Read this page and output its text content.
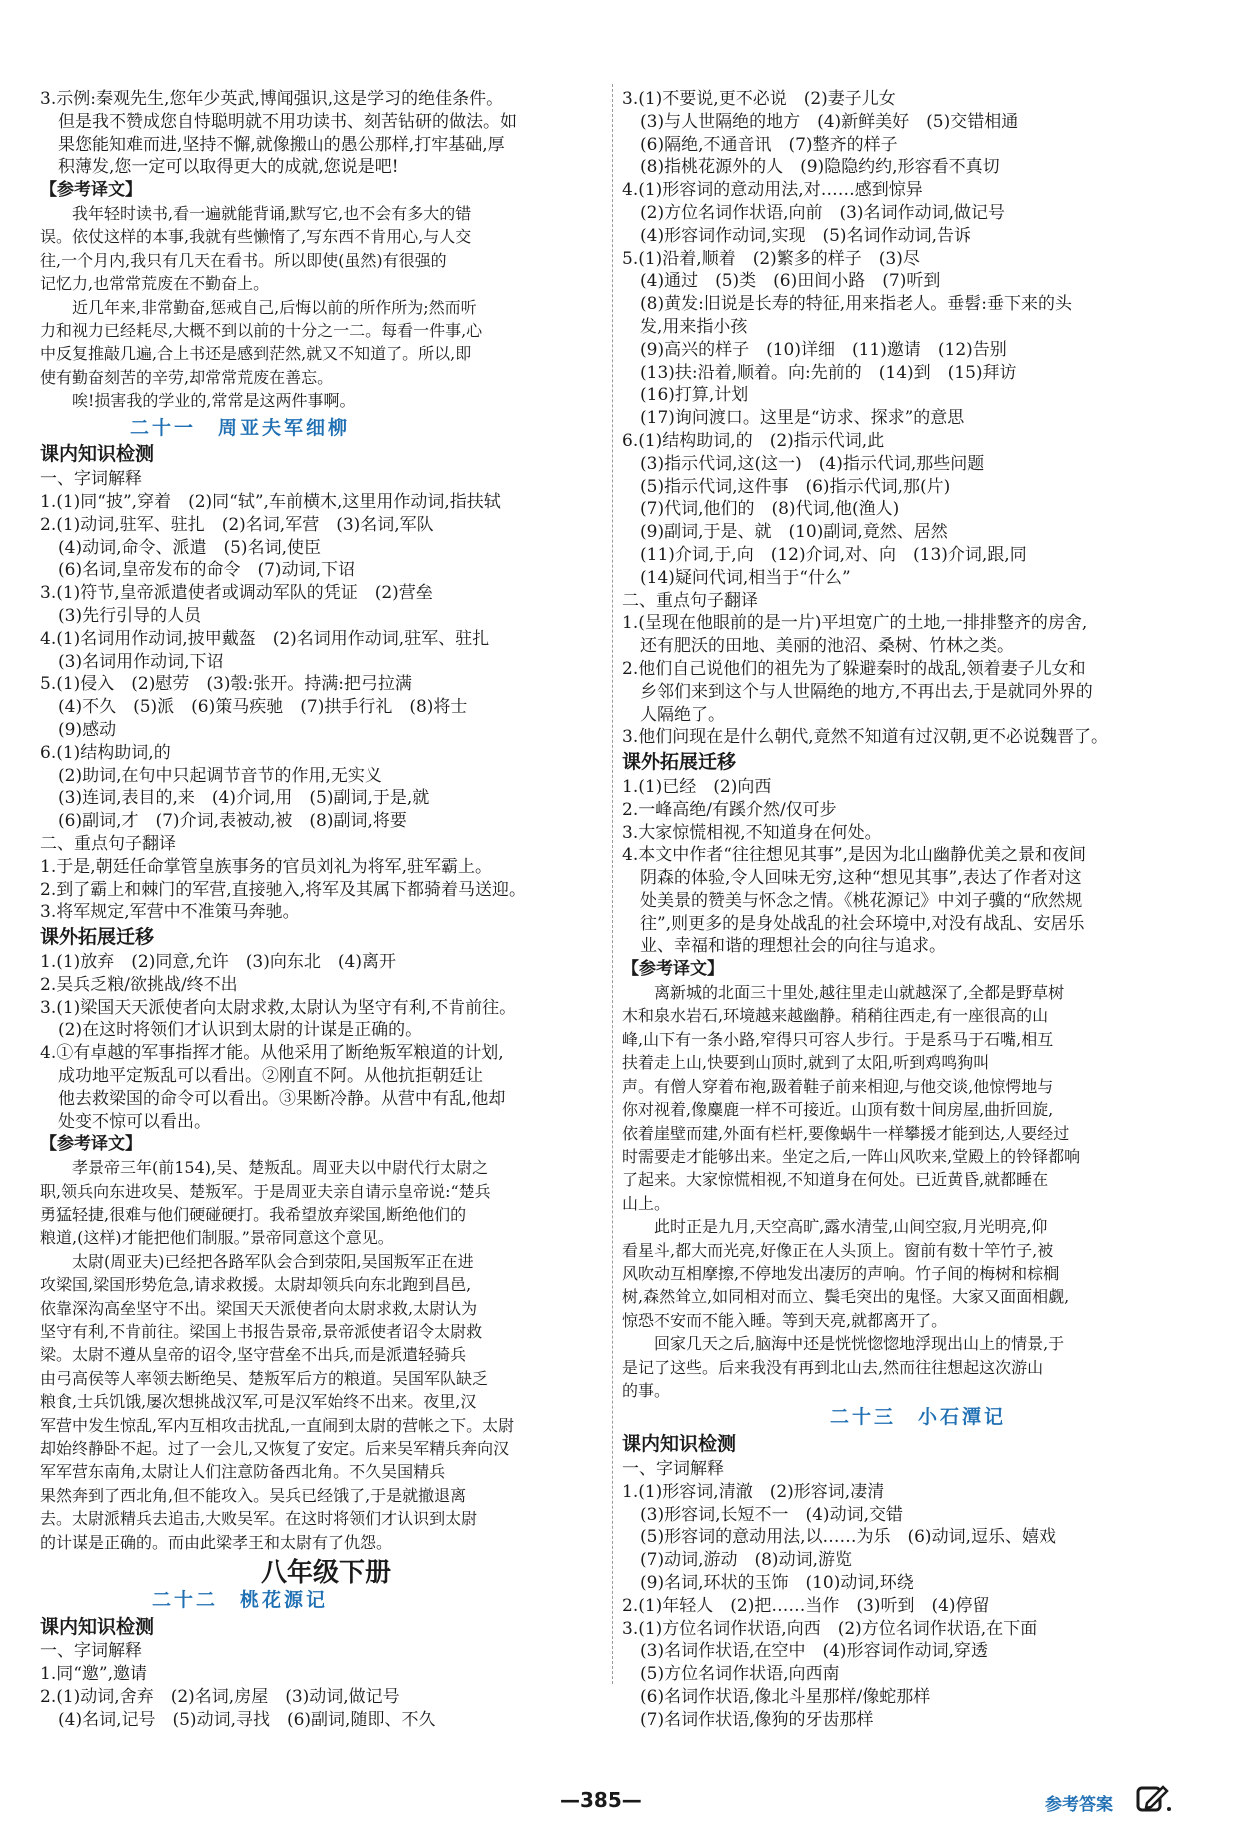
3.示例:秦观先生,您年少英武,博闻强识,这是学习的绝佳条件。
但是我不赞成您自恃聪明就不用功读书、刻苦钻研的做法。如
果您能知难而进,坚持不懈,就像搬山的愚公那样,打牢基础,厚
积薄发,您一定可以取得更大的成就,您说是吧!
【参考译文】
我年轻时读书,看一遍就能背诵,默写它,也不会有多大的错
误。依仗这样的本事,我就有些懒惰了,写东西不肯用心,与人交
往,一个月内,我只有几天在看书。所以即使(虽然)有很强的
记忆力,也常常荒废在不勤奋上。
近几年来,非常勤奋,惩戒自己,后悔以前的所作所为;然而听
力和视力已经耗尽,大概不到以前的十分之一二。每看一件事,心
中反复推敲几遍,合上书还是感到茫然,就又不知道了。所以,即
使有勤奋刻苦的辛劳,却常常荒废在善忘。
唉!损害我的学业的,常常是这两件事啊。
二十一　周亚夫军细柳
课内知识检测
一、字词解释
1.(1)同“披”,穿着　(2)同“轼”,车前横木,这里用作动词,指扶轼
2.(1)动词,驻军、驻扎　(2)名词,军营　(3)名词,军队
(4)动词,命令、派遣　(5)名词,使臣
(6)名词,皇帝发布的命令　(7)动词,下诏
3.(1)符节,皇帝派遣使者或调动军队的凭证　(2)营垒
(3)先行引导的人员
4.(1)名词用作动词,披甲戴盔　(2)名词用作动词,驻军、驻扎
(3)名词用作动词,下诏
5.(1)侵入　(2)慰劳　(3)彀:张开。持满:把弓拉满
(4)不久　(5)派　(6)策马疾驰　(7)拱手行礼　(8)将士
(9)感动
6.(1)结构助词,的
(2)助词,在句中只起调节音节的作用,无实义
(3)连词,表目的,来　(4)介词,用　(5)副词,于是,就
(6)副词,才　(7)介词,表被动,被　(8)副词,将要
二、重点句子翻译
1.于是,朝廷任命掌管皇族事务的官员刘礼为将军,驻军霸上。
2.到了霸上和棘门的军营,直接驰入,将军及其属下都骑着马送迎。
3.将军规定,军营中不准策马奔驰。
课外拓展迁移
1.(1)放弃　(2)同意,允许　(3)向东北　(4)离开
2.吴兵乏粮/欲挑战/终不出
3.(1)梁国天天派使者向太尉求救,太尉认为坚守有利,不肯前往。
(2)在这时将领们才认识到太尉的计谋是正确的。
4.①有卓越的军事指挥才能。从他采用了断绝叛军粮道的计划,
成功地平定叛乱可以看出。②刚直不阿。从他抗拒朝廷让
他去救梁国的命令可以看出。③果断冷静。从营中有乱,他却
处变不惊可以看出。
【参考译文】
孝景帝三年(前154),吴、楚叛乱。周亚夫以中尉代行太尉之
职,领兵向东进攻吴、楚叛军。于是周亚夫亲自请示皇帝说:“楚兵
勇猛轻捷,很难与他们硬碰硬打。我希望放弃梁国,断绝他们的
粮道,(这样)才能把他们制服。”景帝同意这个意见。
太尉(周亚夫)已经把各路军队会合到荥阳,吴国叛军正在进
攻梁国,梁国形势危急,请求救援。太尉却领兵向东北跑到昌邑,
依靠深沟高垒坚守不出。梁国天天派使者向太尉求救,太尉认为
坚守有利,不肯前往。梁国上书报告景帝,景帝派使者诏令太尉救
梁。太尉不遵从皇帝的诏令,坚守营垒不出兵,而是派遣轻骑兵
由弓高侯等人率领去断绝吴、楚叛军后方的粮道。吴国军队缺乏
粮食,士兵饥饿,屡次想挑战汉军,可是汉军始终不出来。夜里,汉
军营中发生惊乱,军内互相攻击扰乱,一直闹到太尉的营帐之下。太尉
却始终静卧不起。过了一会儿,又恢复了安定。后来吴军精兵奔向汉
军军营东南角,太尉让人们注意防备西北角。不久吴国精兵
果然奔到了西北角,但不能攻入。吴兵已经饿了,于是就撤退离
去。太尉派精兵去追击,大败吴军。在这时将领们才认识到太尉
的计谋是正确的。而由此梁孝王和太尉有了仇怨。
八年级下册
二十二　桃花源记
课内知识检测
一、字词解释
1.同“邀”,邀请
2.(1)动词,舍弃　(2)名词,房屋　(3)动词,做记号
(4)名词,记号　(5)动词,寻找　(6)副词,随即、不久
3.(1)不要说,更不必说　(2)妻子儿女
(3)与人世隔绝的地方　(4)新鲜美好　(5)交错相通
(6)隔绝,不通音讯　(7)整齐的样子
(8)指桃花源外的人　(9)隐隐约约,形容看不真切
4.(1)形容词的意动用法,对……感到惊异
(2)方位名词作状语,向前　(3)名词作动词,做记号
(4)形容词作动词,实现　(5)名词作动词,告诉
5.(1)沿着,顺着　(2)繁多的样子　(3)尽
(4)通过　(5)类　(6)田间小路　(7)听到
(8)黄发:旧说是长寿的特征,用来指老人。垂髫:垂下来的头
发,用来指小孩
(9)高兴的样子　(10)详细　(11)邀请　(12)告别
(13)扶:沿着,顺着。向:先前的　(14)到　(15)拜访
(16)打算,计划
(17)询问渡口。这里是“访求、探求”的意思
6.(1)结构助词,的　(2)指示代词,此
(3)指示代词,这(这一)　(4)指示代词,那些问题
(5)指示代词,这件事　(6)指示代词,那(片)
(7)代词,他们的　(8)代词,他(渔人)
(9)副词,于是、就　(10)副词,竟然、居然
(11)介词,于,向　(12)介词,对、向　(13)介词,跟,同
(14)疑问代词,相当于“什么”
二、重点句子翻译
1.(呈现在他眼前的是一片)平坦宽广的土地,一排排整齐的房舍,
还有肥沃的田地、美丽的池沼、桑树、竹林之类。
2.他们自己说他们的祖先为了躲避秦时的战乱,领着妻子儿女和
乡邻们来到这个与人世隔绝的地方,不再出去,于是就同外界的
人隔绝了。
3.他们问现在是什么朝代,竟然不知道有过汉朝,更不必说魏晋了。
课外拓展迁移
1.(1)已经　(2)向西
2.一峰高绝/有蹊介然/仅可步
3.大家惊慌相视,不知道身在何处。
4.本文中作者“往往想见其事”,是因为北山幽静优美之景和夜间
阴森的体验,令人回味无穷,这种“想见其事”,表达了作者对这
处美景的赞美与怀念之情。《桃花源记》中刘子骥的“欣然规
往”,则更多的是身处战乱的社会环境中,对没有战乱、安居乐
业、幸福和谐的理想社会的向往与追求。
【参考译文】
离新城的北面三十里处,越往里走山就越深了,全都是野草树
木和泉水岩石,环境越来越幽静。稍稍往西走,有一座很高的山
峰,山下有一条小路,窄得只可容人步行。于是系马于石嘴,相互
扶着走上山,快要到山顶时,就到了太阳,听到鸡鸣狗叫
声。有僧人穿着布袍,趿着鞋子前来相迎,与他交谈,他惊愕地与
你对视着,像麋鹿一样不可接近。山顶有数十间房屋,曲折回旋,
依着崖壁而建,外面有栏杆,要像蜗牛一样攀援才能到达,人要经过
时需要走才能够出来。坐定之后,一阵山风吹来,堂殿上的铃铎都响
了起来。大家惊慌相视,不知道身在何处。已近黄昏,就都睡在
山上。
此时正是九月,天空高旷,露水清莹,山间空寂,月光明亮,仰
看星斗,都大而光亮,好像正在人头顶上。窗前有数十竿竹子,被
风吹动互相摩擦,不停地发出凄厉的声响。竹子间的梅树和棕榈
树,森然耸立,如同相对而立、鬓毛突出的鬼怪。大家又面面相觑,
惊恐不安而不能入睡。等到天亮,就都离开了。
回家几天之后,脑海中还是恍恍惚惚地浮现出山上的情景,于
是记了这些。后来我没有再到北山去,然而往往想起这次游山
的事。
二十三　小石潭记
课内知识检测
一、字词解释
1.(1)形容词,清澈　(2)形容词,凄清
(3)形容词,长短不一　(4)动词,交错
(5)形容词的意动用法,以……为乐　(6)动词,逗乐、嬉戏
(7)动词,游动　(8)动词,游览
(9)名词,环状的玉饰　(10)动词,环绕
2.(1)年轻人　(2)把……当作　(3)听到　(4)停留
3.(1)方位名词作状语,向西　(2)方位名词作状语,在下面
(3)名词作状语,在空中　(4)形容词作动词,穿透
(5)方位名词作状语,向西南
(6)名词作状语,像北斗星那样/像蛇那样
(7)名词作状语,像狗的牙齿那样
—385—	参考答案
